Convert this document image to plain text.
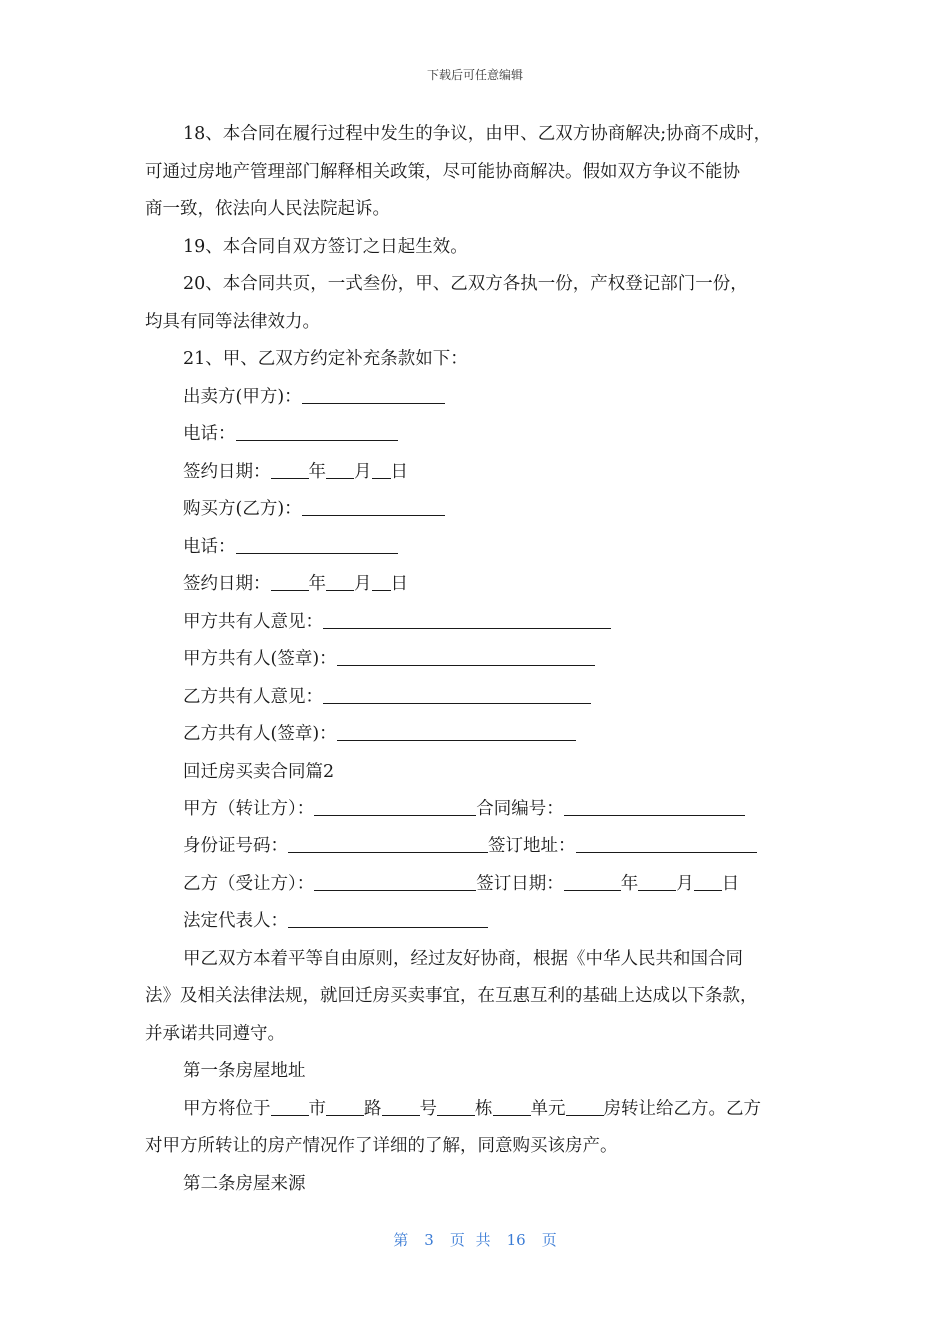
下载后可任意编辑
18、本合同在履行过程中发生的争议，由甲、乙双方协商解决;协商不成时，
可通过房地产管理部门解释相关政策，尽可能协商解决。假如双方争议不能协
商一致，依法向人民法院起诉。
19、本合同自双方签订之日起生效。
20、本合同共页，一式叁份，甲、乙双方各执一份，产权登记部门一份，
均具有同等法律效力。
21、甲、乙双方约定补充条款如下：
出卖方(甲方)：
电话：
签约日期： 年 月 日
购买方(乙方)：
电话：
签约日期： 年 月 日
甲方共有人意见：
甲方共有人(签章)：
乙方共有人意见：
乙方共有人(签章)：
回迁房买卖合同篇2
甲方（转让方）：	合同编号：
身份证号码：	签订地址：
乙方（受让方）：	签订日期：	年 月 日
法定代表人：
甲乙双方本着平等自由原则，经过友好协商，根据《中华人民共和国合同
法》及相关法律法规，就回迁房买卖事宜，在互惠互利的基础上达成以下条款，
并承诺共同遵守。
第一条房屋地址
甲方将位于 市 路 号 栋 单元 房转让给乙方。乙方
对甲方所转让的房产情况作了详细的了解，同意购买该房产。
第二条房屋来源
第 3 页 共 16 页
